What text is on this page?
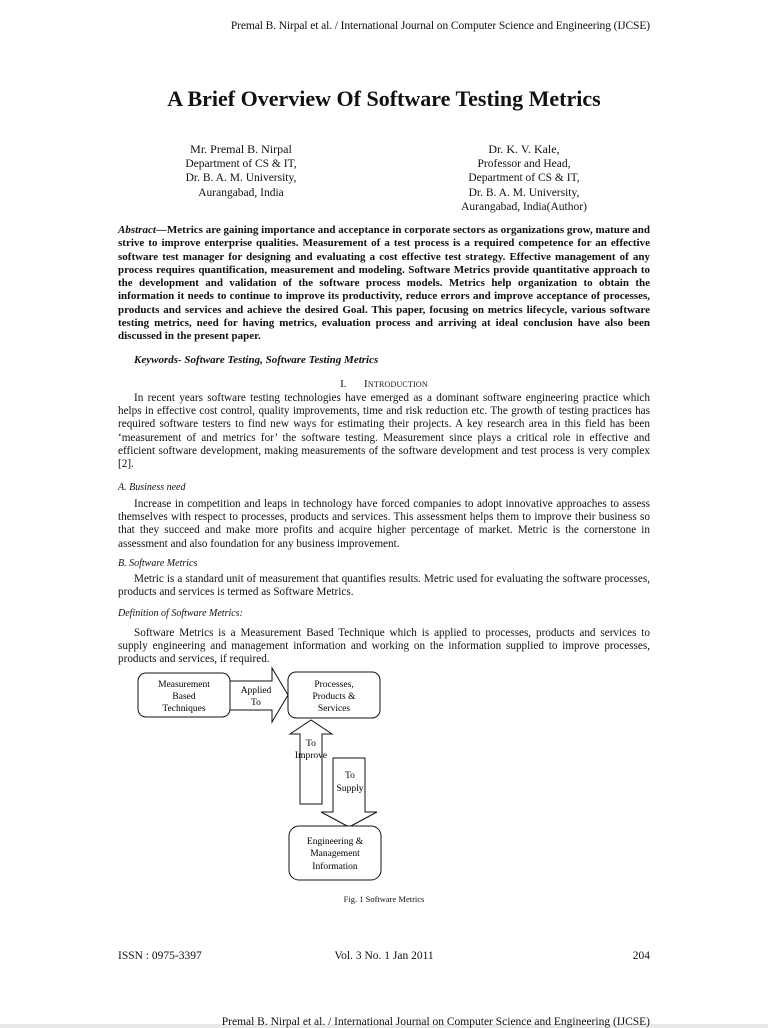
Premal B. Nirpal et al. / International Journal on Computer Science and Engineering (IJCSE)
A Brief Overview Of Software Testing Metrics
Mr. Premal B. Nirpal
Department of CS & IT,
Dr. B. A. M. University,
Aurangabad, India
Dr. K. V. Kale,
Professor and Head,
Department of CS & IT,
Dr. B. A. M. University,
Aurangabad, India(Author)
Abstract—Metrics are gaining importance and acceptance in corporate sectors as organizations grow, mature and strive to improve enterprise qualities. Measurement of a test process is a required competence for an effective software test manager for designing and evaluating a cost effective test strategy. Effective management of any process requires quantification, measurement and modeling. Software Metrics provide quantitative approach to the development and validation of the software process models. Metrics help organization to obtain the information it needs to continue to improve its productivity, reduce errors and improve acceptance of processes, products and services and achieve the desired Goal. This paper, focusing on metrics lifecycle, various software testing metrics, need for having metrics, evaluation process and arriving at ideal conclusion have also been discussed in the present paper.
Keywords- Software Testing, Software Testing Metrics
I. Introduction
In recent years software testing technologies have emerged as a dominant software engineering practice which helps in effective cost control, quality improvements, time and risk reduction etc. The growth of testing practices has required software testers to find new ways for estimating their projects. A key research area in this field has been ‘measurement of and metrics for’ the software testing. Measurement since plays a critical role in effective and efficient software development, making measurements of the software development and test process is very complex [2].
A. Business need
Increase in competition and leaps in technology have forced companies to adopt innovative approaches to assess themselves with respect to processes, products and services. This assessment helps them to improve their business so that they succeed and make more profits and acquire higher percentage of market. Metric is the cornerstone in assessment and also foundation for any business improvement.
B. Software Metrics
Metric is a standard unit of measurement that quantifies results. Metric used for evaluating the software processes, products and services is termed as Software Metrics.
Definition of Software Metrics:
Software Metrics is a Measurement Based Technique which is applied to processes, products and services to supply engineering and management information and working on the information supplied to improve processes, products and services, if required.
Measurement
Based
Techniques
Applied
To
Processes,
Products &
Services
To
Improve
To
Supply
Engineering &
Management
Information
Fig. 1 Software Metrics
ISSN : 0975-3397	Vol. 3 No. 1 Jan 2011	204
Premal B. Nirpal et al. / International Journal on Computer Science and Engineering (IJCSE)
